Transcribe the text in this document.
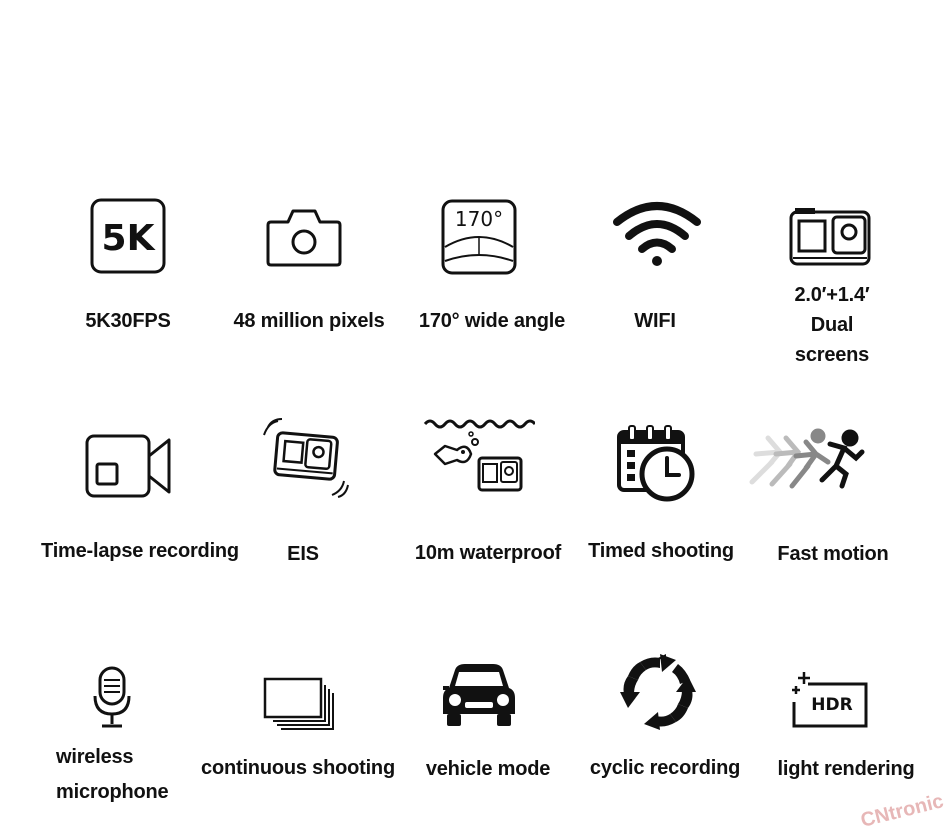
5K
5K30FPS	48 million pixels
170°
170° wide angle	WIFI
2.0′+1.4′
Dual screens
Time-lapse recording EIS	10m waterproof Timed shooting Fast motion
wireless
microphone
continuous shooting vehicle mode cyclic recording
HDR
light rendering
CNtronic
